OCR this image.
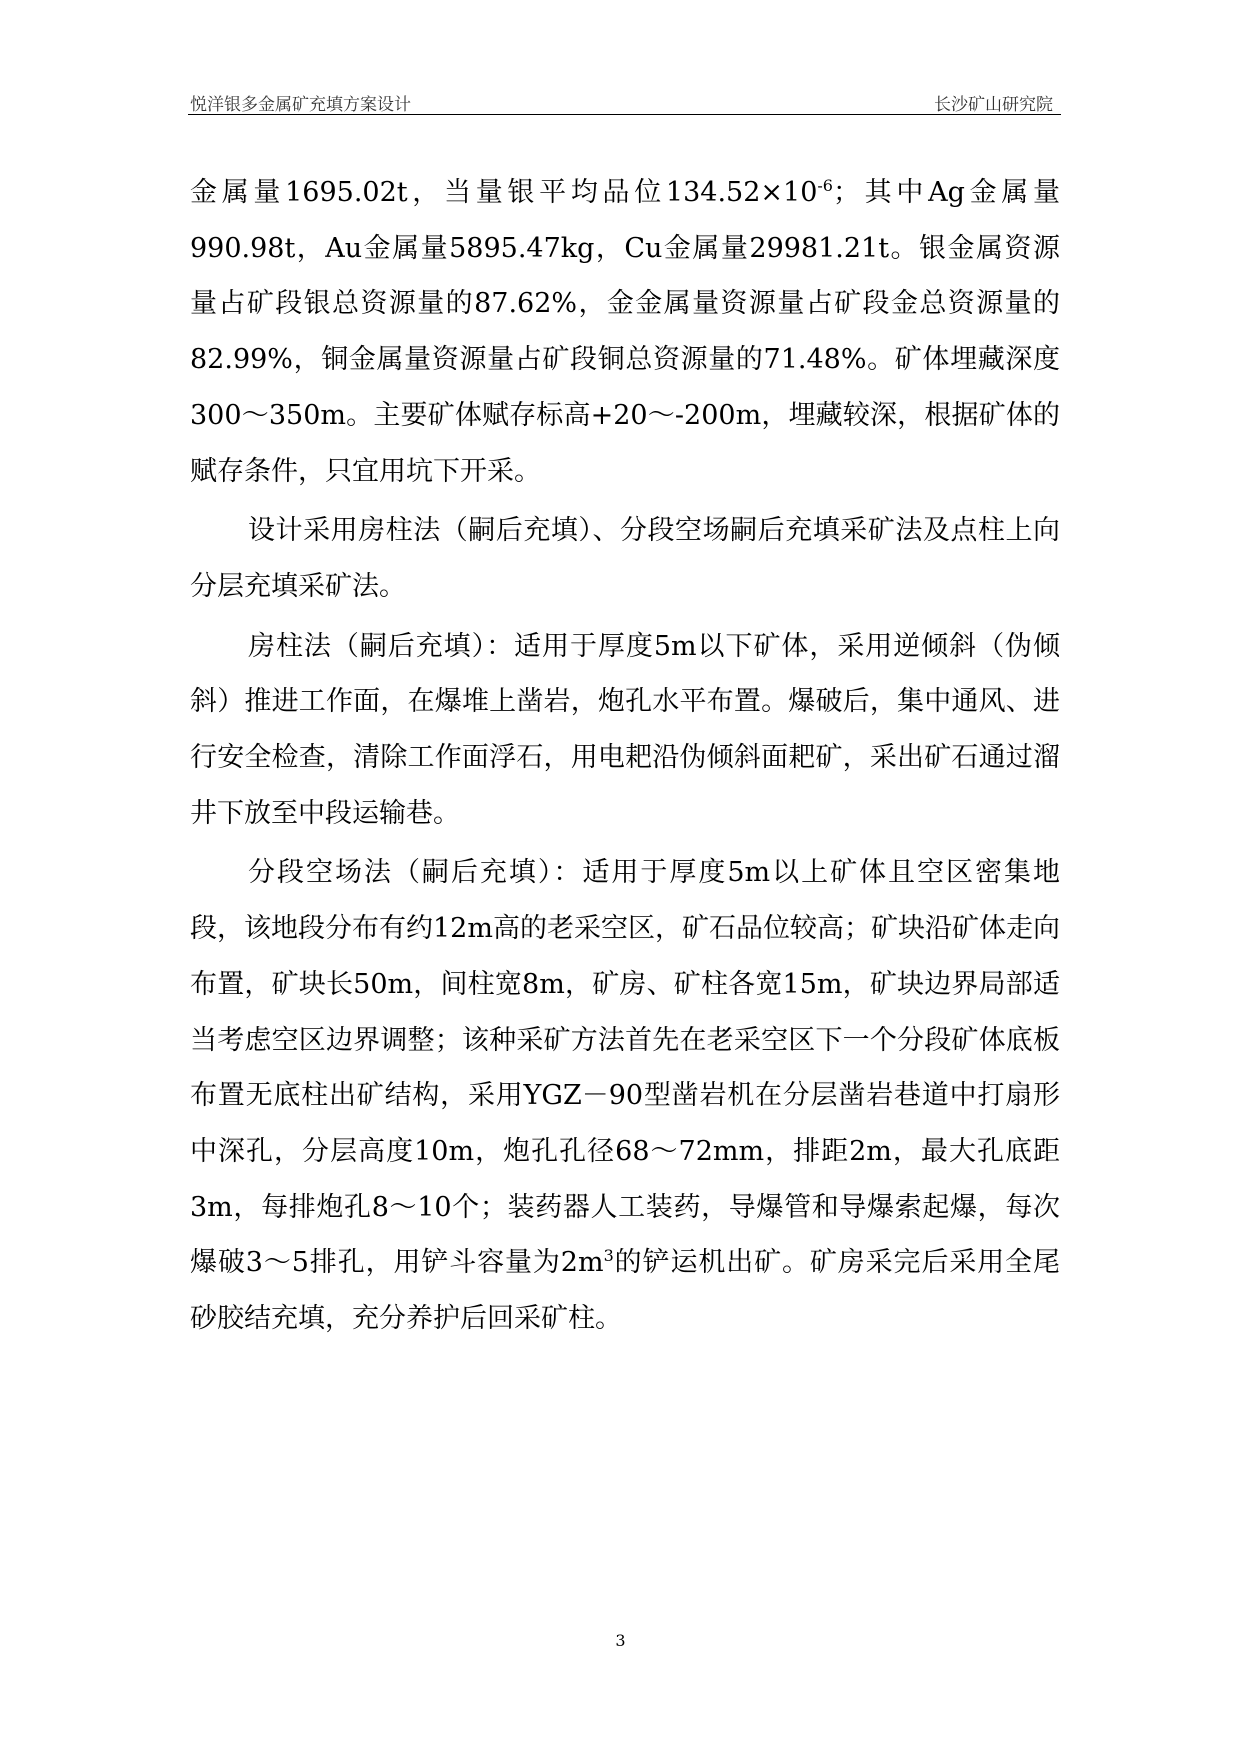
悦洋银多金属矿充填方案设计	长沙矿山研究院

金属量1695.02t，当量银平均品位$134.52\times 10^{-6}$；其中Ag金属量990.98t，Au金属量5895.47kg，Cu金属量29981.21t。银金属资源量占矿段银总资源量的87.62%，金金属量资源量占矿段金总资源量的82.99%，铜金属量资源量占矿段铜总资源量的71.48%。矿体埋藏深度300～350m。主要矿体赋存标高+20～-200m，埋藏较深，根据矿体的赋存条件，只宜用坑下开采。

设计采用房柱法（嗣后充填）、分段空场嗣后充填采矿法及点柱上向分层充填采矿法。

房柱法（嗣后充填）：适用于厚度5m以下矿体，采用逆倾斜（伪倾斜）推进工作面，在爆堆上凿岩，炮孔水平布置。爆破后，集中通风、进行安全检查，清除工作面浮石，用电耙沿伪倾斜面耙矿，采出矿石通过溜井下放至中段运输巷。

分段空场法（嗣后充填）：适用于厚度5m以上矿体且空区密集地段，该地段分布有约12m高的老采空区，矿石品位较高；矿块沿矿体走向布置，矿块长50m，间柱宽8m，矿房、矿柱各宽15m，矿块边界局部适当考虑空区边界调整；该种采矿方法首先在老采空区下一个分段矿体底板布置无底柱出矿结构，采用YGZ－90型凿岩机在分层凿岩巷道中打扇形中深孔，分层高度10m，炮孔孔径68～72mm，排距2m，最大孔底距3m，每排炮孔8～10个；装药器人工装药，导爆管和导爆索起爆，每次爆破3～5排孔，用铲斗容量为$2m^3$的铲运机出矿。矿房采完后采用全尾砂胶结充填，充分养护后回采矿柱。

3
